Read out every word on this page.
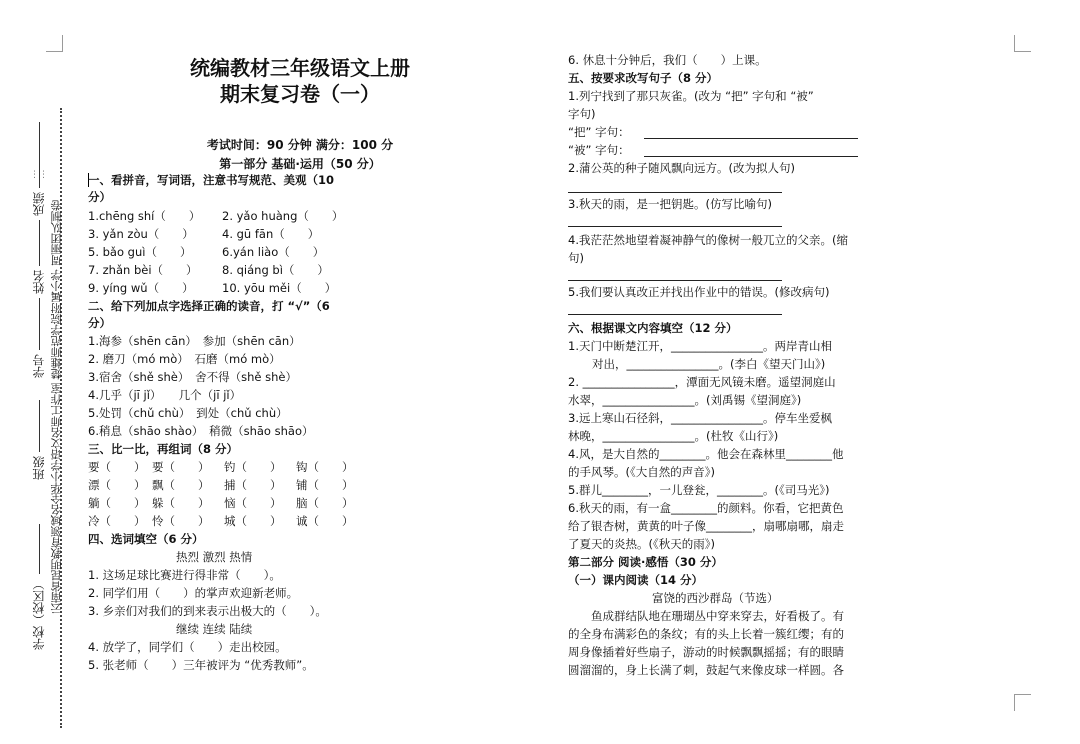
学校（校区）
班级
学号
姓名
成绩 云南省昆明教育领域名全华小学语文名师工作室 楚雄师范学院附属小学 周丽团队制卷
⋮⋮
统编教材三年级语文上册
期末复习卷（一）
考试时间：90 分钟 满分：100 分
第一部分 基础·运用（50 分）
一、看拼音，写词语，注意书写规范、美观（10
分）
1.chēng shí（　　） 2. yǎo huàng（　　）
3. yǎn zòu（　　） 4. gū fān（　　）
5. bǎo guì（　　）	6.yán liào（　　）
7. zhǎn bèi（　　） 8. qiáng bì（　　）
9. yíng wǔ（　　） 10. yōu měi（　　）
二、给下列加点字选择正确的读音，打 “√”（6
分）
1.海参（shēn cān）　参加（shēn cān）
2. 磨刀（mó mò）　石磨（mó mò）
3.宿舍（shě shè）　舍不得（shě shè）
4.几乎（jī jǐ）　　几个（jī jǐ）
5.处罚（chǔ chù）　到处（chǔ chù）
6.稍息（shāo shào）　稍微（shāo shāo）
三、比一比，再组词（8 分）
要（　　） 要（　　） 钓（　　） 钩（　　）
漂（　　） 飘（　　） 捕（　　） 铺（　　）
躺（　　） 躲（　　） 恼（　　） 脑（　　）
冷（　　） 怜（　　） 城（　　） 诚（　　）
四、选词填空（6 分）
热烈 激烈 热情
1. 这场足球比赛进行得非常（　　）。
2. 同学们用（　　）的掌声欢迎新老师。
3. 乡亲们对我们的到来表示出极大的（　　）。
继续 连续 陆续
4. 放学了，同学们（　　）走出校园。
5. 张老师（　　）三年被评为 “优秀教师”。
6. 休息十分钟后，我们（　　）上课。
五、按要求改写句子（8 分）
1.列宁找到了那只灰雀。(改为 “把” 字句和 “被”
字句)
“把” 字句：
“被” 字句：
2.蒲公英的种子随风飘向远方。(改为拟人句)
3.秋天的雨，是一把钥匙。(仿写比喻句)
4.我茫茫然地望着凝神静气的像树一般兀立的父亲。(缩
句)
5.我们要认真改正并找出作业中的错误。(修改病句)
六、根据课文内容填空（12 分）
1.天门中断楚江开，________________。两岸青山相
对出，________________。(李白《望天门山》)
2. ________________，潭面无风镜未磨。遥望洞庭山
水翠，________________。(刘禹锡《望洞庭》)
3.远上寒山石径斜，________________。停车坐爱枫
林晚，________________。(杜牧《山行》)
4.风，是大自然的________。他会在森林里________他
的手风琴。(《大自然的声音》)
5.群儿________，一儿登瓮，________。(《司马光》)
6.秋天的雨，有一盒________的颜料。你看，它把黄色
给了银杏树，黄黄的叶子像________，扇哪扇哪，扇走
了夏天的炎热。(《秋天的雨》)
第二部分 阅读·感悟（30 分）
（一）课内阅读（14 分）
富饶的西沙群岛（节选）
　　鱼成群结队地在珊瑚丛中穿来穿去，好看极了。有
的全身布满彩色的条纹；有的头上长着一簇红缨；有的
周身像插着好些扇子，游动的时候飘飘摇摇；有的眼睛
圆溜溜的，身上长满了刺，鼓起气来像皮球一样圆。各
